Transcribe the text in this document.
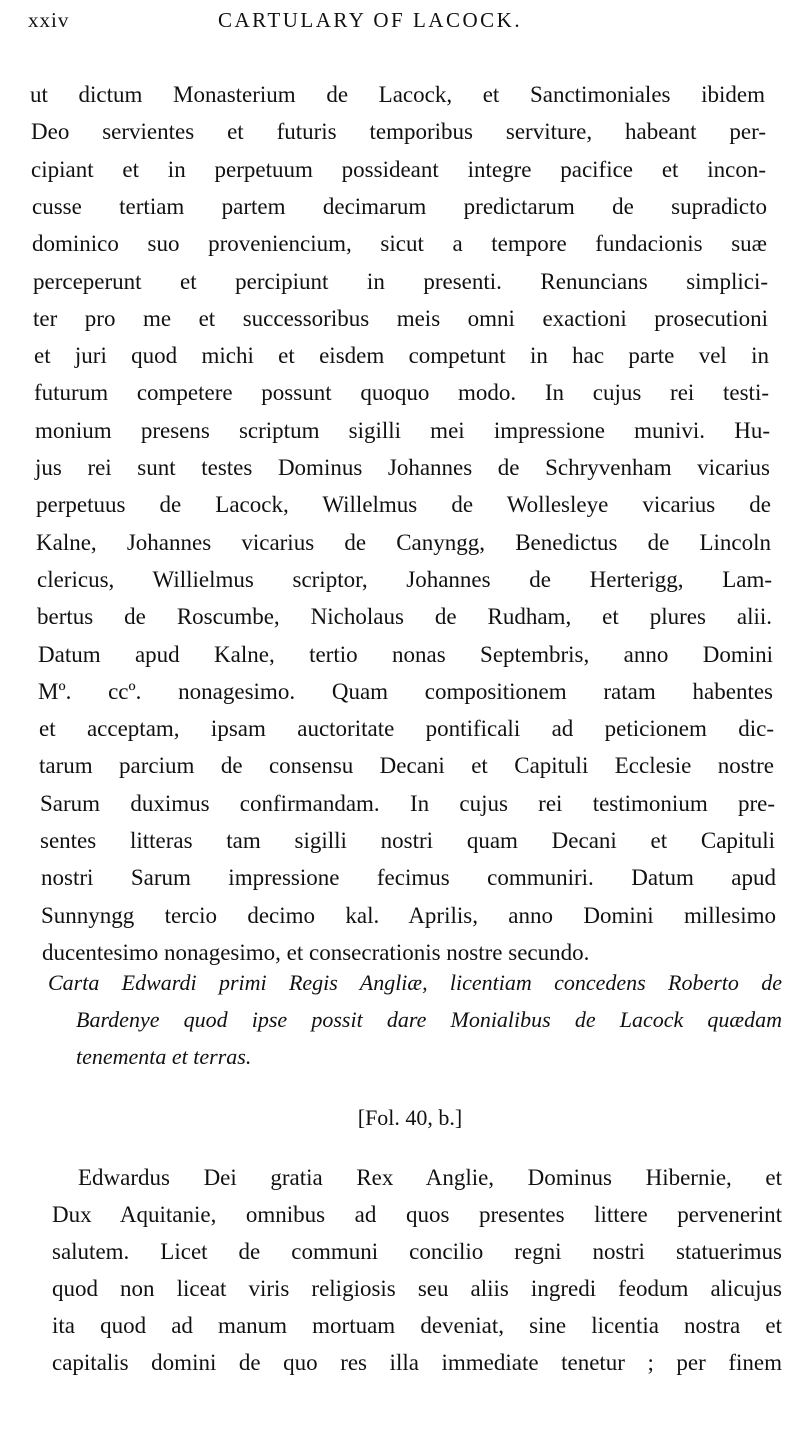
xxiv	CARTULARY OF LACOCK.
ut dictum Monasterium de Lacock, et Sanctimoniales ibidem
Deo servientes et futuris temporibus serviture, habeant per-
cipiant et in perpetuum possideant integre pacifice et incon-
cusse tertiam partem decimarum predictarum de supradicto
dominico suo proveniencium, sicut a tempore fundacionis suæ
perceperunt et percipiunt in presenti. Renuncians simplici-
ter pro me et successoribus meis omni exactioni prosecutioni
et juri quod michi et eisdem competunt in hac parte vel in
futurum competere possunt quoquo modo. In cujus rei testi-
monium presens scriptum sigilli mei impressione munivi. Hu-
jus rei sunt testes Dominus Johannes de Schryvenham vicarius
perpetuus de Lacock, Willelmus de Wollesleye vicarius de
Kalne, Johannes vicarius de Canyngg, Benedictus de Lincoln
clericus, Willielmus scriptor, Johannes de Herterigg, Lam-
bertus de Roscumbe, Nicholaus de Rudham, et plures alii.
Datum apud Kalne, tertio nonas Septembris, anno Domini
Mº. ccº. nonagesimo. Quam compositionem ratam habentes
et acceptam, ipsam auctoritate pontificali ad peticionem dic-
tarum parcium de consensu Decani et Capituli Ecclesie nostre
Sarum duximus confirmandam. In cujus rei testimonium pre-
sentes litteras tam sigilli nostri quam Decani et Capituli
nostri Sarum impressione fecimus communiri. Datum apud
Sunnyngg tercio decimo kal. Aprilis, anno Domini millesimo
ducentesimo nonagesimo, et consecrationis nostre secundo.
Carta Edwardi primi Regis Angliæ, licentiam concedens Roberto de
Bardenye quod ipse possit dare Monialibus de Lacock quædam
tenementa et terras.
[Fol. 40, b.]
Edwardus Dei gratia Rex Anglie, Dominus Hibernie, et
Dux Aquitanie, omnibus ad quos presentes littere pervenerint
salutem. Licet de communi concilio regni nostri statuerimus
quod non liceat viris religiosis seu aliis ingredi feodum alicujus
ita quod ad manum mortuam deveniat, sine licentia nostra et
capitalis domini de quo res illa immediate tenetur ; per finem
